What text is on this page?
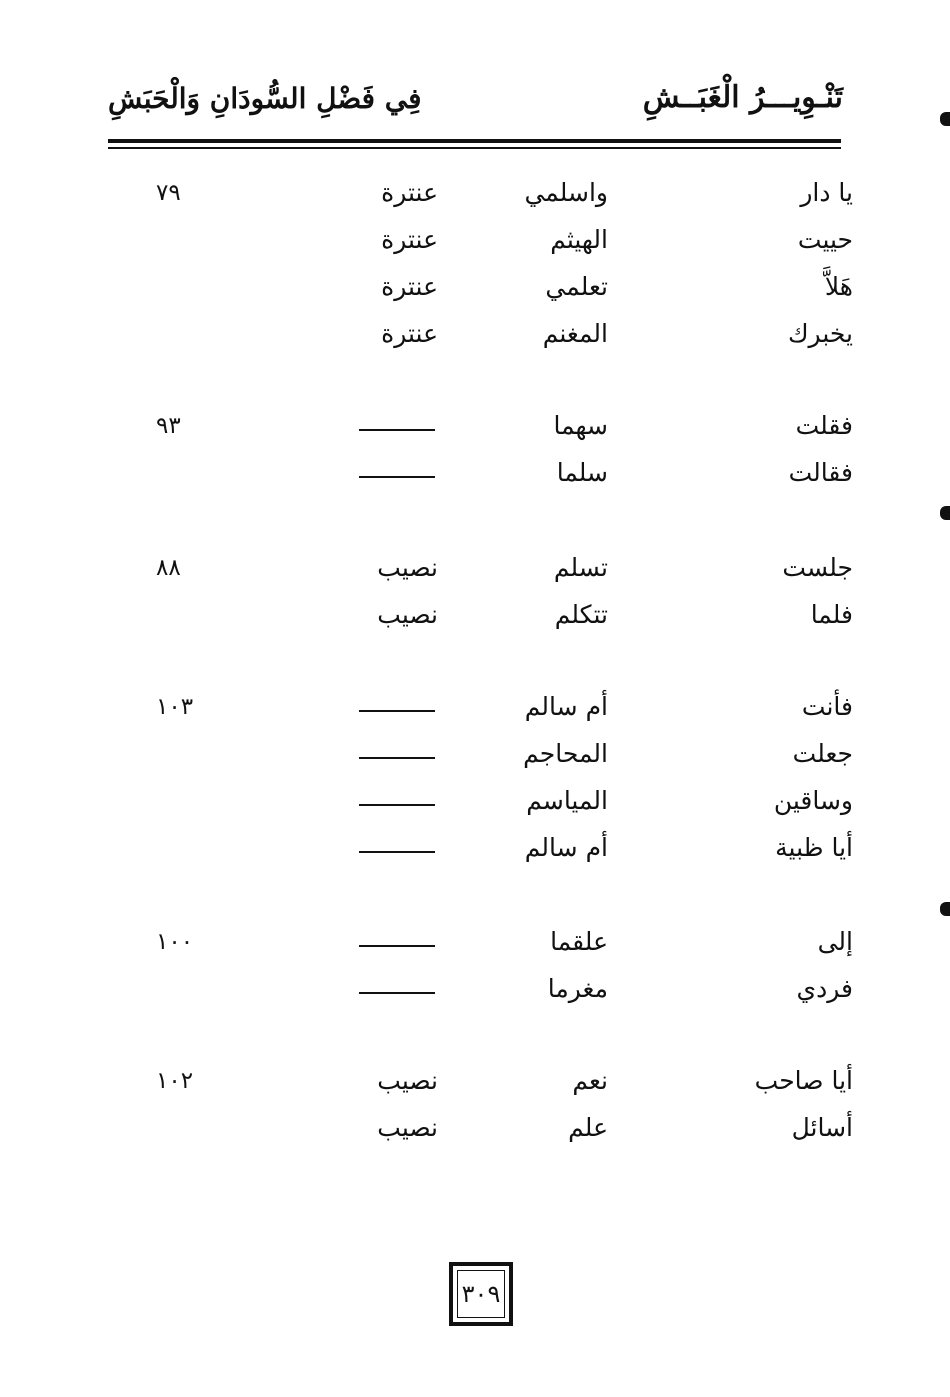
تَنْـوِيـــرُ الْغَبَــشِ
فِي فَضْلِ السُّودَانِ وَالْحَبَشِ
يا دار
واسلمي
عنترة
٧٩
حييت
الهيثم
عنترة
هَلاَّ
تعلمي
عنترة
يخبرك
المغنم
عنترة
فقلت
سهما
٩٣
فقالت
سلما
جلست
تسلم
نصيب
٨٨
فلما
تتكلم
نصيب
فأنت
أم سالم
١٠٣
جعلت
المحاجم
وساقين
المياسم
أيا ظبية
أم سالم
إلى
علقما
١٠٠
فردي
مغرما
أيا صاحب
نعم
نصيب
١٠٢
أسائل
علم
نصيب
٣٠٩
